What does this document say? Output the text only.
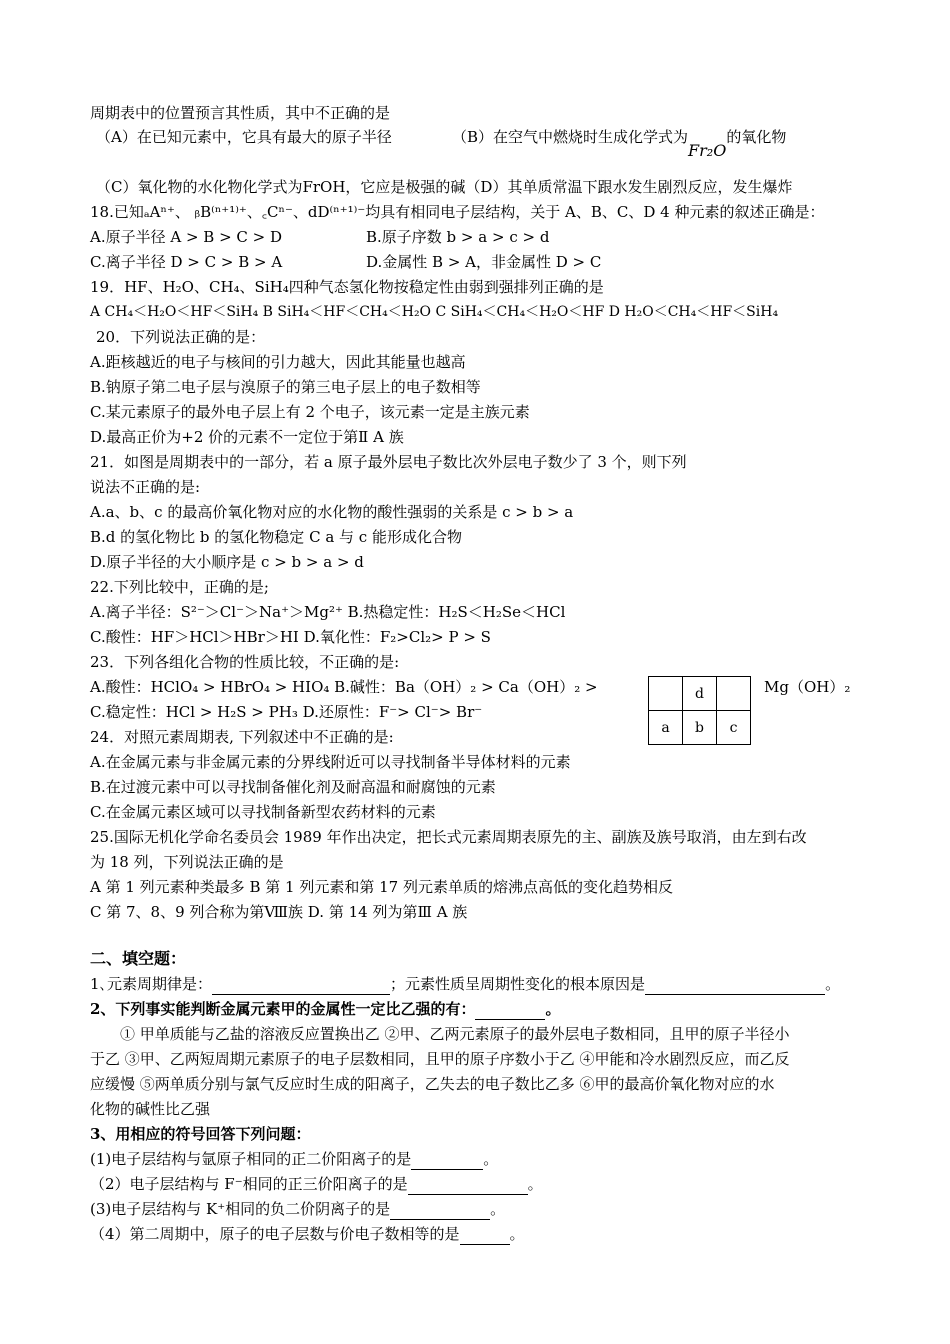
周期表中的位置预言其性质，其中不正确的是
（A）在已知元素中，它具有最大的原子半径	（B）在空气中燃烧时生成化学式为Fr₂O的氧化物
（C）氧化物的水化物化学式为FrOH，它应是极强的碱（D）其单质常温下跟水发生剧烈反应，发生爆炸
18.已知ₐAⁿ⁺、 ᵦB⁽ⁿ⁺¹⁾⁺、꜀Cⁿ⁻、dD⁽ⁿ⁺¹⁾⁻均具有相同电子层结构，关于 A、B、C、D 4 种元素的叙述正确是：
A.原子半径 A > B > C > D	B.原子序数 b > a > c > d
C.离子半径 D > C > B > A	D.金属性 B > A，非金属性 D > C
19．HF、H₂O、CH₄、SiH₄四种气态氢化物按稳定性由弱到强排列正确的是
A CH₄＜H₂O＜HF＜SiH₄ B SiH₄＜HF＜CH₄＜H₂O C SiH₄＜CH₄＜H₂O＜HF D H₂O＜CH₄＜HF＜SiH₄
20．下列说法正确的是：
A.距核越近的电子与核间的引力越大，因此其能量也越高
B.钠原子第二电子层与溴原子的第三电子层上的电子数相等
C.某元素原子的最外电子层上有 2 个电子，该元素一定是主族元素
D.最高正价为+2 价的元素不一定位于第Ⅱ A 族
21．如图是周期表中的一部分，若 a 原子最外层电子数比次外层电子数少了 3 个，则下列
说法不正确的是:
A.a、b、c 的最高价氧化物对应的水化物的酸性强弱的关系是 c > b > a
B.d 的氢化物比 b 的氢化物稳定 C a 与 c 能形成化合物
D.原子半径的大小顺序是 c > b > a > d
22.下列比较中，正确的是;
A.离子半径：S²⁻＞Cl⁻＞Na⁺＞Mg²⁺ B.热稳定性：H₂S＜H₂Se＜HCl
C.酸性：HF＞HCl＞HBr＞HI D.氧化性：F₂>Cl₂> P > S
23．下列各组化合物的性质比较，不正确的是:
A.酸性：HClO₄ > HBrO₄ > HIO₄ B.碱性：Ba（OH）₂ > Ca（OH）₂ >	Mg（OH）₂
C.稳定性：HCl > H₂S > PH₃ D.还原性：F⁻> Cl⁻> Br⁻
	d	
a	b	c
24．对照元素周期表, 下列叙述中不正确的是:
A.在金属元素与非金属元素的分界线附近可以寻找制备半导体材料的元素
B.在过渡元素中可以寻找制备催化剂及耐高温和耐腐蚀的元素
C.在金属元素区域可以寻找制备新型农药材料的元素
25.国际无机化学命名委员会 1989 年作出决定，把长式元素周期表原先的主、副族及族号取消，由左到右改
为 18 列，下列说法正确的是
A 第 1 列元素种类最多 B 第 1 列元素和第 17 列元素单质的熔沸点高低的变化趋势相反
C 第 7、8、9 列合称为第Ⅷ族 D. 第 14 列为第Ⅲ A 族
二、填空题：
1､元素周期律是：	；元素性质呈周期性变化的根本原因是	。
2、下列事实能判断金属元素甲的金属性一定比乙强的有：	。
① 甲单质能与乙盐的溶液反应置换出乙 ②甲、乙两元素原子的最外层电子数相同，且甲的原子半径小
于乙 ③甲、乙两短周期元素原子的电子层数相同，且甲的原子序数小于乙 ④甲能和冷水剧烈反应，而乙反
应缓慢 ⑤两单质分别与氯气反应时生成的阳离子，乙失去的电子数比乙多 ⑥甲的最高价氧化物对应的水
化物的碱性比乙强
3、用相应的符号回答下列问题：
(1)电子层结构与氩原子相同的正二价阳离子的是	。
（2）电子层结构与 F⁻相同的正三价阳离子的是	。
(3)电子层结构与 K⁺相同的负二价阴离子的是	。
（4）第二周期中，原子的电子层数与价电子数相等的是	。
